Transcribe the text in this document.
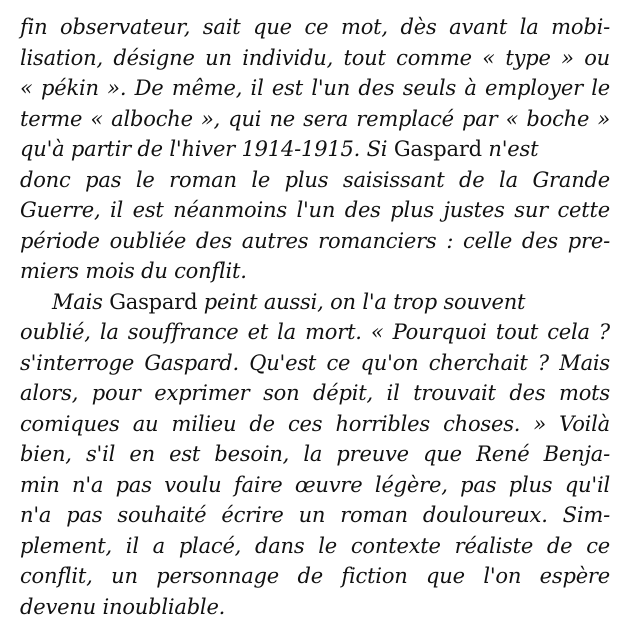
fin observateur, sait que ce mot, dès avant la mobi-
lisation, désigne un individu, tout comme « type » ou
« pékin ». De même, il est l'un des seuls à employer le
terme « alboche », qui ne sera remplacé par « boche »
qu'à partir de l'hiver 1914-1915. Si Gaspard n'est
donc pas le roman le plus saisissant de la Grande
Guerre, il est néanmoins l'un des plus justes sur cette
période oubliée des autres romanciers : celle des pre-
miers mois du conflit.
Mais Gaspard peint aussi, on l'a trop souvent
oublié, la souffrance et la mort. « Pourquoi tout cela ?
s'interroge Gaspard. Qu'est ce qu'on cherchait ? Mais
alors, pour exprimer son dépit, il trouvait des mots
comiques au milieu de ces horribles choses. » Voilà
bien, s'il en est besoin, la preuve que René Benja-
min n'a pas voulu faire œuvre légère, pas plus qu'il
n'a pas souhaité écrire un roman douloureux. Sim-
plement, il a placé, dans le contexte réaliste de ce
conflit, un personnage de fiction que l'on espère
devenu inoubliable.
